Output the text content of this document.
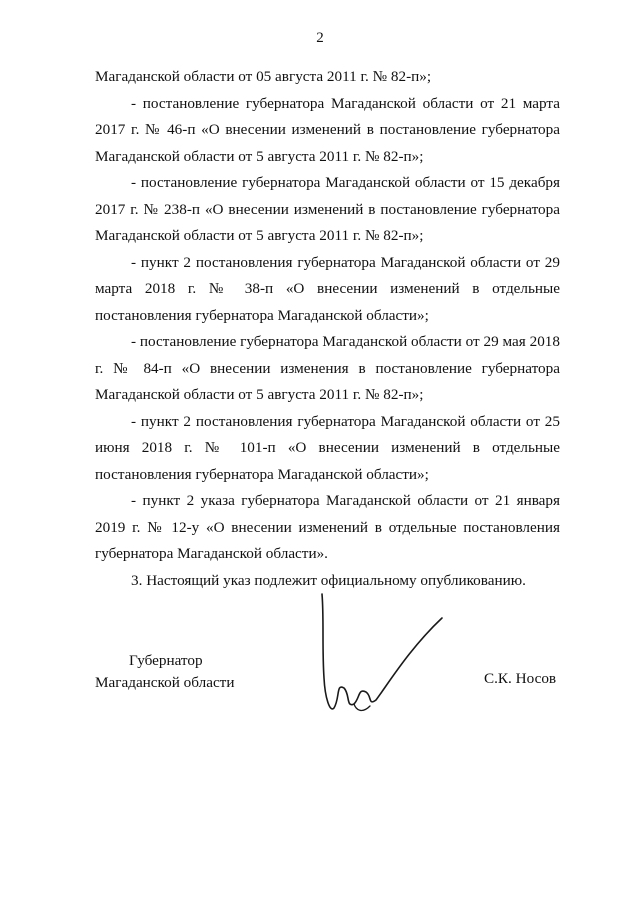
2

Магаданской области от 05 августа 2011 г. № 82-п»;

- постановление губернатора Магаданской области от 21 марта 2017 г. № 46-п «О внесении изменений в постановление губернатора Магаданской области от 5 августа 2011 г. № 82-п»;

- постановление губернатора Магаданской области от 15 декабря 2017 г. № 238-п «О внесении изменений в постановление губернатора Магаданской области от 5 августа 2011 г. № 82-п»;

- пункт 2 постановления губернатора Магаданской области от 29 марта 2018 г. № 38-п «О внесении изменений в отдельные постановления губернатора Магаданской области»;

- постановление губернатора Магаданской области от 29 мая 2018 г. № 84-п «О внесении изменения в постановление губернатора Магаданской области от 5 августа 2011 г. № 82-п»;

- пункт 2 постановления губернатора Магаданской области от 25 июня 2018 г. № 101-п «О внесении изменений в отдельные постановления губернатора Магаданской области»;

- пункт 2 указа губернатора Магаданской области от 21 января 2019 г. № 12-у «О внесении изменений в отдельные постановления губернатора Магаданской области».

3. Настоящий указ подлежит официальному опубликованию.

Губернатор
Магаданской области	С.К. Носов
